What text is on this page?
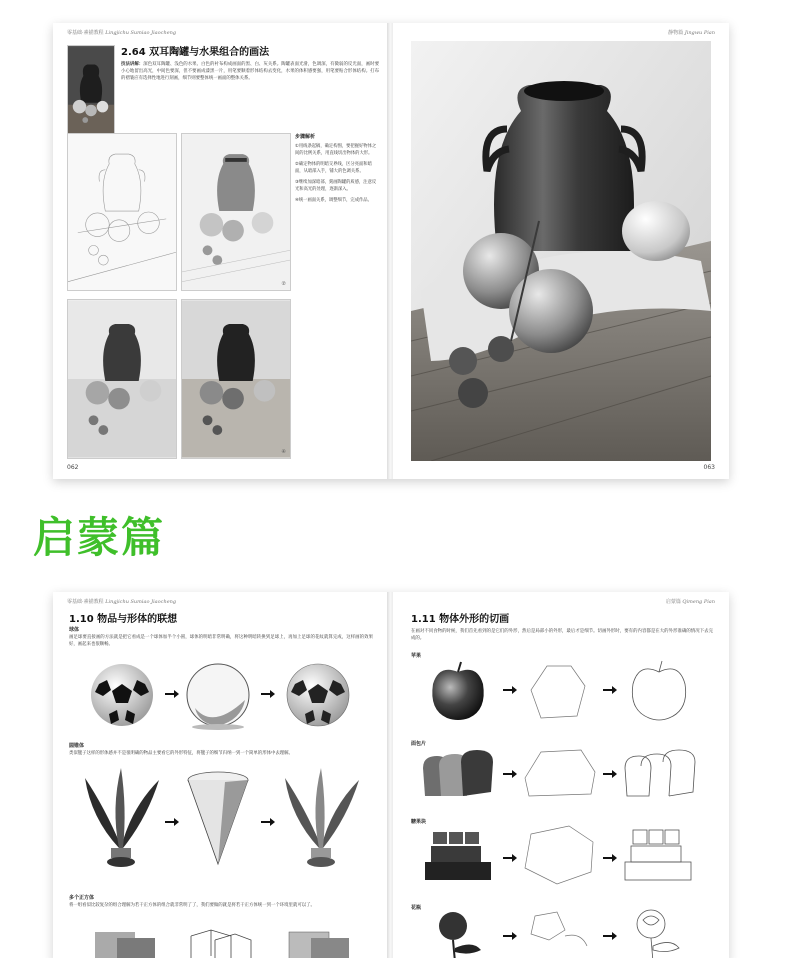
零基础·素描教程 Lingjichu Sumiao Jiaocheng
2.64 双耳陶罐与水果组合的画法
技法讲解：深色双耳陶罐、浅色的水果、白色的衬布构成画面的黑、白、灰关系。陶罐表面光滑，色调深，有微弱的反光面，画时要小心地留出高光，中间色要深，但不要画成漆黑一片，用笔要顺着形体结构去变化，水果的体积感要强，用笔要贴合形体结构。打布的褶皱应有选择性地进行刻画，细节则要整体统一画面的整体关系。
②
④
步骤解析
①用线条起稿，确定构图，要把握好物体之间的比例关系，用直线切出物体的大形。
②确定物体的明暗交界线，区分亮面和暗面，从暗部入手，铺大的色调关系。
③继续加深暗部，刻画陶罐的质感，注意反光和高光的处理，逐渐深入。
④统一画面关系，调整细节，完成作品。
062
静物篇 Jingwu Pian
063
启蒙篇
零基础·素描教程 Lingjichu Sumiao Jiaocheng
1.10 物品与形体的联想
球体
画足球要直接画的方法就是把它看成是一个球体加半个小圆，球体的明暗非常明确，将这种明暗转换到足球上，再加上足球的花纹就算完成，这样画的效果好，画起来也很顺畅。
圆锥体
类似毽子这样的形体感并不是很明确的物品主要看它的外形特征，将毽子的细节归纳一到一个简单的形体中去理解。
多个正方体
将一组看似比较复杂的组合理解为若干正方体的组合就非常明了了，我们要做的就是将若干正方体统一到一个环境里就可以了。
启蒙篇 Qimeng Pian
1.11 物体外形的切画
在画对不同食物的时候，我们首先看到的是它们的外形，然后是局部小的外形，最后才是细节。切画外形时，要有的内容都是在大的外形准确的情况下去完成的。
苹果
面包片
糖果块
花瓶
